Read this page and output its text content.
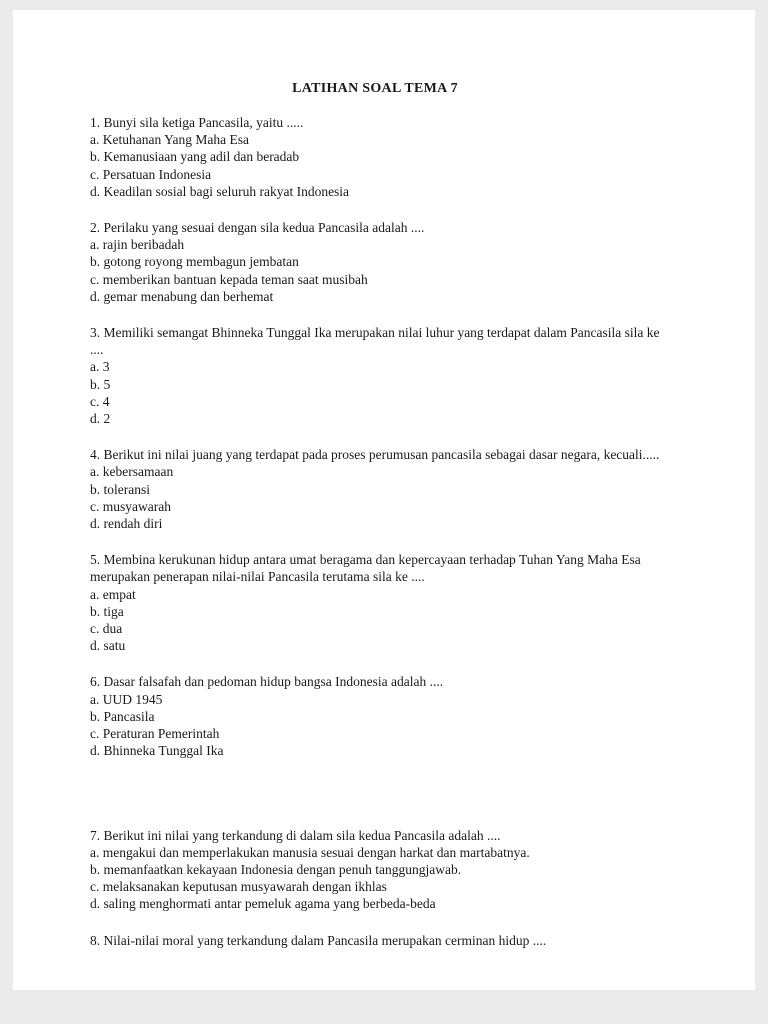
LATIHAN SOAL TEMA 7

1. Bunyi sila ketiga Pancasila, yaitu .....

a. Ketuhanan Yang Maha Esa

b. Kemanusiaan yang adil dan beradab

c. Persatuan Indonesia

d. Keadilan sosial bagi seluruh rakyat Indonesia

2. Perilaku yang sesuai dengan sila kedua Pancasila adalah ....

a. rajin beribadah

b. gotong royong membagun jembatan

c. memberikan bantuan kepada teman saat musibah

d. gemar menabung dan berhemat

3. Memiliki semangat Bhinneka Tunggal Ika merupakan nilai luhur yang terdapat dalam Pancasila sila ke ....

a. 3

b. 5

c. 4

d. 2

4. Berikut ini nilai juang yang terdapat pada proses perumusan pancasila sebagai dasar negara, kecuali.....

a. kebersamaan

b. toleransi

c. musyawarah

d. rendah diri

5. Membina kerukunan hidup antara umat beragama dan kepercayaan terhadap Tuhan Yang Maha Esa merupakan penerapan nilai-nilai Pancasila terutama sila ke ....

a. empat

b. tiga

c. dua

d. satu

6. Dasar falsafah dan pedoman hidup bangsa Indonesia adalah ....

a. UUD 1945

b. Pancasila

c. Peraturan Pemerintah

d. Bhinneka Tunggal Ika

7. Berikut ini nilai yang terkandung di dalam sila kedua Pancasila adalah ....

a. mengakui dan memperlakukan manusia sesuai dengan harkat dan martabatnya.

b. memanfaatkan kekayaan Indonesia dengan penuh tanggungjawab.

c. melaksanakan keputusan musyawarah dengan ikhlas

d. saling menghormati antar pemeluk agama yang berbeda-beda

8. Nilai-nilai moral yang terkandung dalam Pancasila merupakan cerminan hidup ....
